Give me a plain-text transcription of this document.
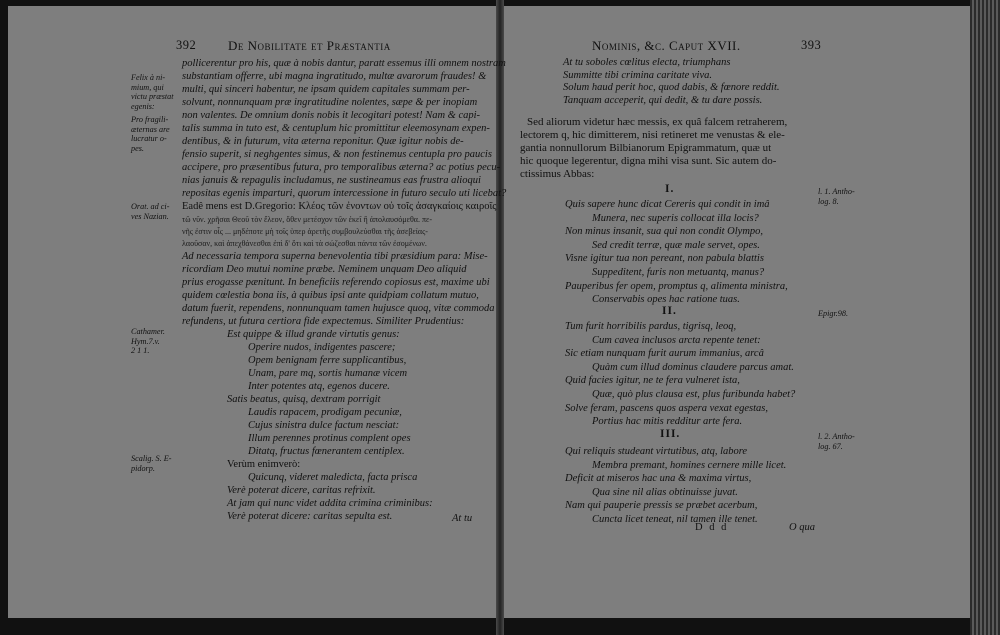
392 De Nobilitate et Præstantia	Nominis, &c. Caput XVII.	393
pollicerentur pro his, quæ à nobis dantur, paratt essemus illi omnem nostram
substantiam offerre, ubi magna ingratitudo, multæ avarorum fraudes! &
multi, qui sinceri habentur, ne ipsam quidem capitales summam per-
solvunt, nonnunquam præ ingratitudine nolentes, sæpe & per inopiam
non valentes. De omnium donis nobis it lecogitari potest! Nam & capi-
talis summa in tuto est, & centuplum hic promittitur eleemosynam expen-
dentibus, & in futurum, vita æterna reponitur. Quæ igitur nobis de-
fensio superit, si neghgentes simus, & non festinemus centupla pro paucis
accipere, pro præsentibus futura, pro temporalibus æterna? ac potius pecu-
nias januis & repagulis includamus, ne sustineamus eas frustra alioqui
repositas egenis imparturi, quorum intercessione in futuro seculo uti licebat?
Eadê mens est D.Gregorio: Κλέος τῶν ἐνοντων οὐ τοῖς ἀσαγκαίοις καιροῖς
τῶ νῦν. χρῆσαι Θεοῦ τὸν ἔλεον, ὅθεν μετέσχον τῶν ἐκεῖ ἢ ἀπολαυσόμεθα. πε-
νῆς ἐστιν οἷς ... μηδέποτε μὴ τοῖς ὑπερ ἀρετῆς συμβουλεύσθαι τῆς ἀσεβείας-
λαοῦσαν, καὶ ἀπεχθάνεσθαι ἐπὶ δ' ὅτι καὶ τὰ σώζεσθαι πάντα τῶν ἐσομένων.
Ad necessaria tempora superna benevolentia tibi præsidium para: Mise-
ricordiam Deo mutui nomine præbe. Neminem unquam Deo aliquid
prius erogasse pænitunt. In beneficiis referendo copiosus est, maxime ubi
quidem cœlestia bona iis, à quibus ipsi ante quidpiam collatum mutuo,
datum fuerit, rependens, nonnunquam tamen hujusce quoq, vitæ commoda
refundens, ut futura certiora fide expectemus. Similiter Prudentius:
Est quippe & illud grande virtutis genus:
Operire nudos, indigentes pascere;
Opem benignam ferre supplicantibus,
Unam, pare mq, sortis humanæ vicem
Inter potentes atq, egenos ducere.
Satis beatus, quisq, dextram porrigit
Laudis rapacem, prodigam pecuniæ,
Cujus sinistra dulce factum nesciat:
Illum perennes protinus complent opes
Ditatq, fructus fœnerantem centiplex.
Verùm enimverò:
Quicunq, videret maledicta, facta prisca
Verè poterat dicere, caritas refrixit.
At jam qui nunc videt addita crimina criminibus:
Verè poterat dicere: caritas sepulta est.
Felix à ni-
mium, qui
victu præstat
egenis:
Pro fragili-
æternas are
lucratur o-
pes.
Orat. ad ci-
ves Nazian.
Cathamer.
Hym.7.v.
2 1 1.
Scalig. S. E-
pidorp.
At tu soboles cœlitus electa, triumphans
Summitte tibi crimina caritate viva.
Solum haud perit hoc, quod dabis, & fœnore reddit.
Tanquam acceperit, qui dedit, & tu dare possis.
Sed aliorum videtur hæc messis, ex quâ falcem retraherem,
lectorem q, hic dimitterem, nisi retineret me venustas & ele-
gantia nonnullorum Bilbianorum Epigrammatum, quæ ut
hic quoque legerentur, digna mihi visa sunt. Sic autem do-
ctissimus Abbas:
I.	l. 1. Antho-
log. 8.
Quis sapere hunc dicat Cereris qui condit in imâ
Munera, nec superis collocat illa locis?
Non minus insanit, sua qui non condit Olympo,
Sed credit terræ, quæ male servet, opes.
Visne igitur tua non pereant, non pabula blattis
Suppeditent, furis non metuantq, manus?
Pauperibus fer opem, promptus q, alimenta ministra,
Conservabis opes hac ratione tuas.
II.	Epigr.98.
Tum furit horribilis pardus, tigrisq, leoq,
Cum cavea inclusos arcta repente tenet:
Sic etiam nunquam furit aurum immanius, arcâ
Quàm cum illud dominus claudere parcus amat.
Quid facies igitur, ne te fera vulneret ista,
Quæ, quò plus clausa est, plus furibunda habet?
Solve feram, pascens quos aspera vexat egestas,
Portius hac mitis redditur arte fera.
III.	l. 2. Antho-
log. 67.
Qui reliquis studeant virtutibus, atq, labore
Membra premant, homines cernere mille licet.
Deficit at miseros hac una & maxima virtus,
Qua sine nil alias obtinuisse juvat.
Nam qui pauperie pressis se præbet acerbum,
Cuncta licet teneat, nil tamen ille tenet.
At tu
D d d	O qua
